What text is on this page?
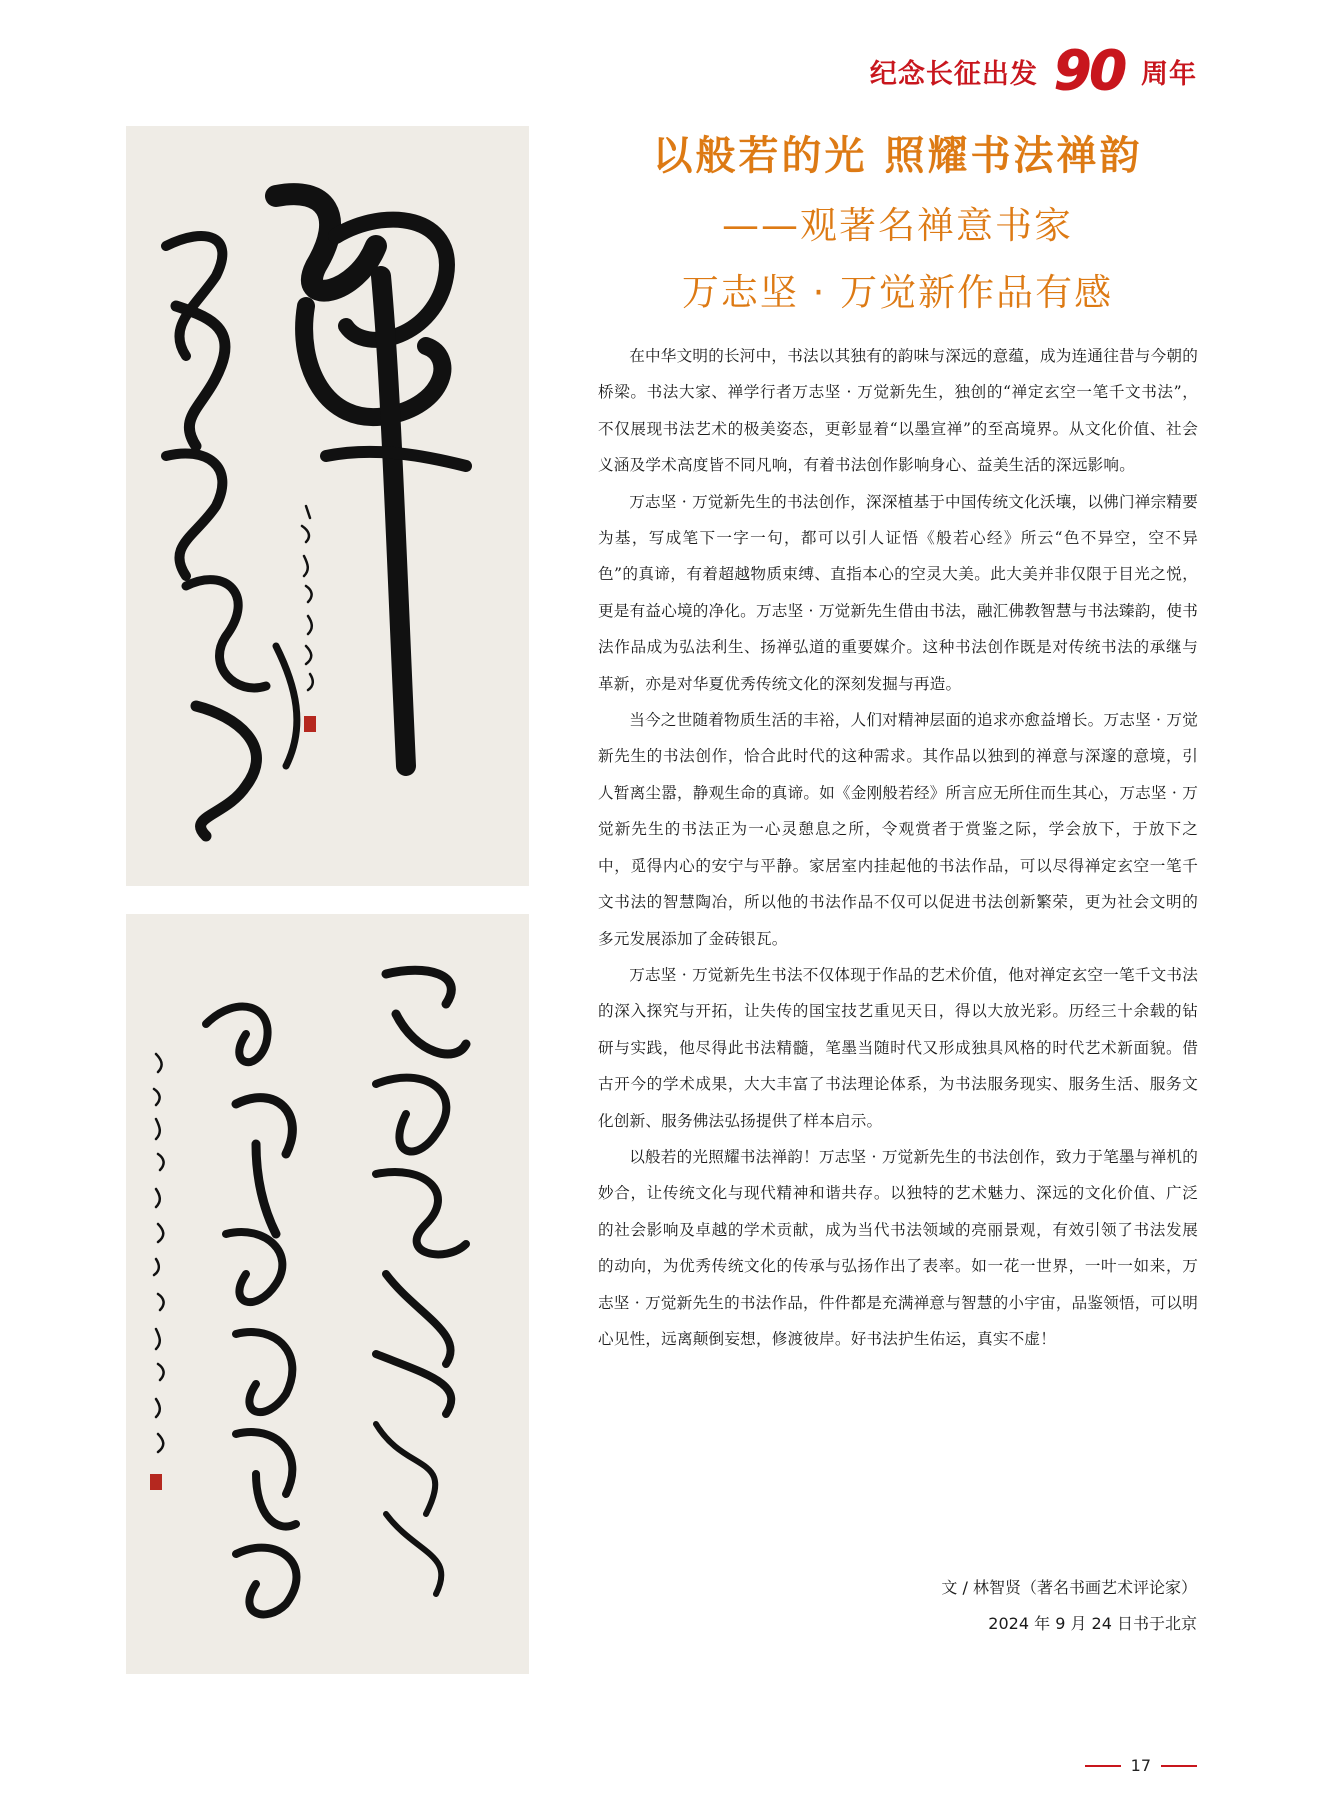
纪念长征出发 90 周年
以般若的光 照耀书法禅韵
——观著名禅意书家
万志坚 · 万觉新作品有感

在中华文明的长河中，书法以其独有的韵味与深远的意蕴，成为连通往昔与今朝的桥梁。书法大家、禅学行者万志坚 · 万觉新先生，独创的“禅定玄空一笔千文书法”，不仅展现书法艺术的极美姿态，更彰显着“以墨宣禅”的至高境界。从文化价值、社会义涵及学术高度皆不同凡响，有着书法创作影响身心、益美生活的深远影响。

万志坚 · 万觉新先生的书法创作，深深植基于中国传统文化沃壤，以佛门禅宗精要为基，写成笔下一字一句，都可以引人证悟《般若心经》所云“色不异空，空不异色”的真谛，有着超越物质束缚、直指本心的空灵大美。此大美并非仅限于目光之悦，更是有益心境的净化。万志坚 · 万觉新先生借由书法，融汇佛教智慧与书法臻韵，使书法作品成为弘法利生、扬禅弘道的重要媒介。这种书法创作既是对传统书法的承继与革新，亦是对华夏优秀传统文化的深刻发掘与再造。

当今之世随着物质生活的丰裕，人们对精神层面的追求亦愈益增长。万志坚 · 万觉新先生的书法创作，恰合此时代的这种需求。其作品以独到的禅意与深邃的意境，引人暂离尘嚣，静观生命的真谛。如《金刚般若经》所言应无所住而生其心，万志坚 · 万觉新先生的书法正为一心灵憩息之所，令观赏者于赏鉴之际，学会放下，于放下之中，觅得内心的安宁与平静。家居室内挂起他的书法作品，可以尽得禅定玄空一笔千文书法的智慧陶冶，所以他的书法作品不仅可以促进书法创新繁荣，更为社会文明的多元发展添加了金砖银瓦。

万志坚 · 万觉新先生书法不仅体现于作品的艺术价值，他对禅定玄空一笔千文书法的深入探究与开拓，让失传的国宝技艺重见天日，得以大放光彩。历经三十余载的钻研与实践，他尽得此书法精髓，笔墨当随时代又形成独具风格的时代艺术新面貌。借古开今的学术成果，大大丰富了书法理论体系，为书法服务现实、服务生活、服务文化创新、服务佛法弘扬提供了样本启示。

以般若的光照耀书法禅韵！万志坚 · 万觉新先生的书法创作，致力于笔墨与禅机的妙合，让传统文化与现代精神和谐共存。以独特的艺术魅力、深远的文化价值、广泛的社会影响及卓越的学术贡献，成为当代书法领域的亮丽景观，有效引领了书法发展的动向，为优秀传统文化的传承与弘扬作出了表率。如一花一世界，一叶一如来，万志坚 · 万觉新先生的书法作品，件件都是充满禅意与智慧的小宇宙，品鉴领悟，可以明心见性，远离颠倒妄想，修渡彼岸。好书法护生佑运，真实不虚！

文 / 林智贤（著名书画艺术评论家）
2024 年 9 月 24 日书于北京
17
